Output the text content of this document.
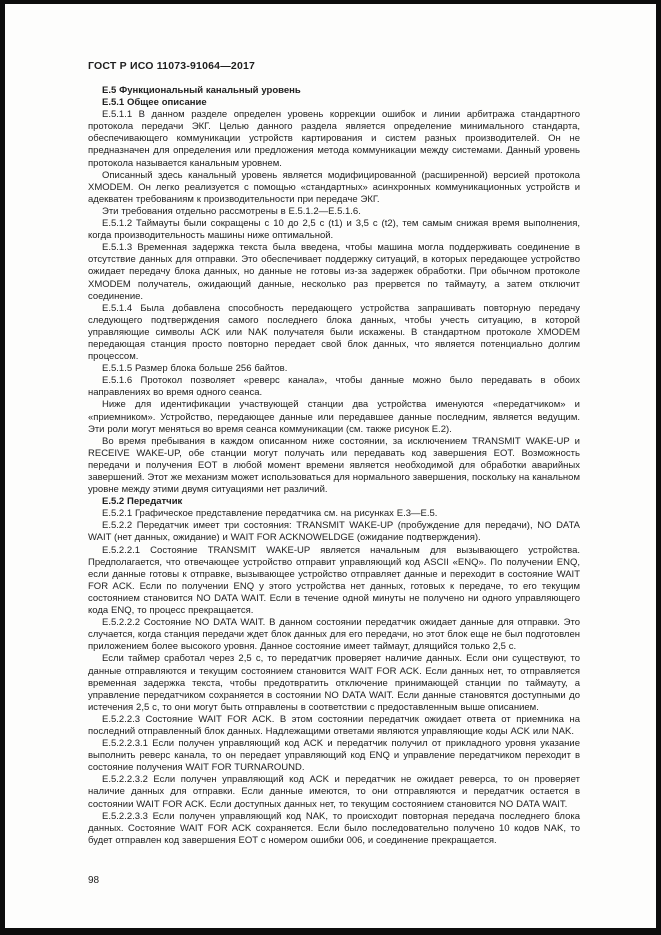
ГОСТ Р ИСО 11073-91064—2017

Е.5 Функциональный канальный уровень

Е.5.1 Общее описание

Е.5.1.1 В данном разделе определен уровень коррекции ошибок и линии арбитража стандартного протокола передачи ЭКГ. Целью данного раздела является определение минимального стандарта, обеспечивающего коммуникации устройств картирования и систем разных производителей. Он не предназначен для определения или предложения метода коммуникации между системами. Данный уровень протокола называется канальным уровнем.

Описанный здесь канальный уровень является модифицированной (расширенной) версией протокола XMODEM. Он легко реализуется с помощью «стандартных» асинхронных коммуникационных устройств и адекватен требованиям к производительности при передаче ЭКГ.

Эти требования отдельно рассмотрены в Е.5.1.2—Е.5.1.6.

Е.5.1.2 Таймауты были сокращены с 10 до 2,5 с (t1) и 3,5 с (t2), тем самым снижая время выполнения, когда производительность машины ниже оптимальной.

Е.5.1.3 Временная задержка текста была введена, чтобы машина могла поддерживать соединение в отсутствие данных для отправки. Это обеспечивает поддержку ситуаций, в которых передающее устройство ожидает передачу блока данных, но данные не готовы из-за задержек обработки. При обычном протоколе XMODEM получатель, ожидающий данные, несколько раз прервется по таймауту, а затем отключит соединение.

Е.5.1.4 Была добавлена способность передающего устройства запрашивать повторную передачу следующего подтверждения самого последнего блока данных, чтобы учесть ситуацию, в которой управляющие символы ACK или NAK получателя были искажены. В стандартном протоколе XMODEM передающая станция просто повторно передает свой блок данных, что является потенциально долгим процессом.

Е.5.1.5 Размер блока больше 256 байтов.

Е.5.1.6 Протокол позволяет «реверс канала», чтобы данные можно было передавать в обоих направлениях во время одного сеанса.

Ниже для идентификации участвующей станции два устройства именуются «передатчиком» и «приемником». Устройство, передающее данные или передавшее данные последним, является ведущим. Эти роли могут меняться во время сеанса коммуникации (см. также рисунок Е.2).

Во время пребывания в каждом описанном ниже состоянии, за исключением TRANSMIT WAKE-UP и RECEIVE WAKE-UP, обе станции могут получать или передавать код завершения EOT. Возможность передачи и получения EOT в любой момент времени является необходимой для обработки аварийных завершений. Этот же механизм может использоваться для нормального завершения, поскольку на канальном уровне между этими двумя ситуациями нет различий.

Е.5.2 Передатчик

Е.5.2.1 Графическое представление передатчика см. на рисунках Е.3—Е.5.

Е.5.2.2 Передатчик имеет три состояния: TRANSMIT WAKE-UP (пробуждение для передачи), NO DATA WAIT (нет данных, ожидание) и WAIT FOR ACKNOWELDGE (ожидание подтверждения).

Е.5.2.2.1 Состояние TRANSMIT WAKE-UP является начальным для вызывающего устройства. Предполагается, что отвечающее устройство отправит управляющий код ASCII «ENQ». По получении ENQ, если данные готовы к отправке, вызывающее устройство отправляет данные и переходит в состояние WAIT FOR ACK. Если по получении ENQ у этого устройства нет данных, готовых к передаче, то его текущим состоянием становится NO DATA WAIT. Если в течение одной минуты не получено ни одного управляющего кода ENQ, то процесс прекращается.

Е.5.2.2.2 Состояние NO DATA WAIT. В данном состоянии передатчик ожидает данные для отправки. Это случается, когда станция передачи ждет блок данных для его передачи, но этот блок еще не был подготовлен приложением более высокого уровня. Данное состояние имеет таймаут, длящийся только 2,5 с.

Если таймер сработал через 2,5 с, то передатчик проверяет наличие данных. Если они существуют, то данные отправляются и текущим состоянием становится WAIT FOR ACK. Если данных нет, то отправляется временная задержка текста, чтобы предотвратить отключение принимающей станции по таймауту, а управление передатчиком сохраняется в состоянии NO DATA WAIT. Если данные становятся доступными до истечения 2,5 с, то они могут быть отправлены в соответствии с предоставленным выше описанием.

Е.5.2.2.3 Состояние WAIT FOR ACK. В этом состоянии передатчик ожидает ответа от приемника на последний отправленный блок данных. Надлежащими ответами являются управляющие коды ACK или NAK.

Е.5.2.2.3.1 Если получен управляющий код ACK и передатчик получил от прикладного уровня указание выполнить реверс канала, то он передает управляющий код ENQ и управление передатчиком переходит в состояние получения WAIT FOR TURNAROUND.

Е.5.2.2.3.2 Если получен управляющий код ACK и передатчик не ожидает реверса, то он проверяет наличие данных для отправки. Если данные имеются, то они отправляются и передатчик остается в состоянии WAIT FOR ACK. Если доступных данных нет, то текущим состоянием становится NO DATA WAIT.

Е.5.2.2.3.3 Если получен управляющий код NAK, то происходит повторная передача последнего блока данных. Состояние WAIT FOR ACK сохраняется. Если было последовательно получено 10 кодов NAK, то будет отправлен код завершения EOT с номером ошибки 006, и соединение прекращается.

98
